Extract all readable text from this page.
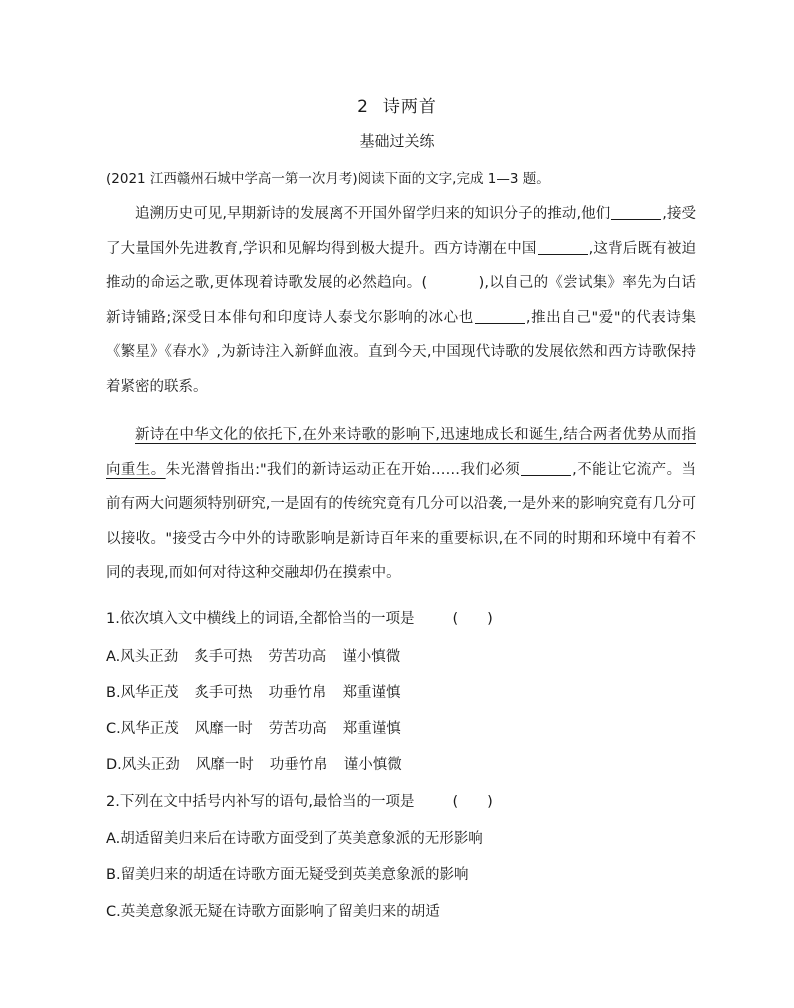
2 诗两首
基础过关练
(2021 江西赣州石城中学高一第一次月考)阅读下面的文字,完成 1—3 题。
追溯历史可见,早期新诗的发展离不开国外留学归来的知识分子的推动,他们	,接受了大量国外先进教育,学识和见解均得到极大提升。西方诗潮在中国	,这背后既有被迫推动的命运之歌,更体现着诗歌发展的必然趋向。(　	),以自己的《尝试集》率先为白话新诗铺路;深受日本俳句和印度诗人泰戈尔影响的冰心也	,推出自己"爱"的代表诗集《繁星》《春水》,为新诗注入新鲜血液。直到今天,中国现代诗歌的发展依然和西方诗歌保持着紧密的联系。
新诗在中华文化的依托下,在外来诗歌的影响下,迅速地成长和诞生,结合两者优势从而指向重生。朱光潜曾指出:"我们的新诗运动正在开始……我们必须	,不能让它流产。当前有两大问题须特别研究,一是固有的传统究竟有几分可以沿袭,一是外来的影响究竟有几分可以接收。"接受古今中外的诗歌影响是新诗百年来的重要标识,在不同的时期和环境中有着不同的表现,而如何对待这种交融却仍在摸索中。
1.依次填入文中横线上的词语,全都恰当的一项是	(　　)
A.风头正劲 炙手可热 劳苦功高 谨小慎微
B.风华正茂 炙手可热 功垂竹帛 郑重谨慎
C.风华正茂 风靡一时 劳苦功高 郑重谨慎
D.风头正劲 风靡一时 功垂竹帛 谨小慎微
2.下列在文中括号内补写的语句,最恰当的一项是	(　　)
A.胡适留美归来后在诗歌方面受到了英美意象派的无形影响
B.留美归来的胡适在诗歌方面无疑受到英美意象派的影响
C.英美意象派无疑在诗歌方面影响了留美归来的胡适
